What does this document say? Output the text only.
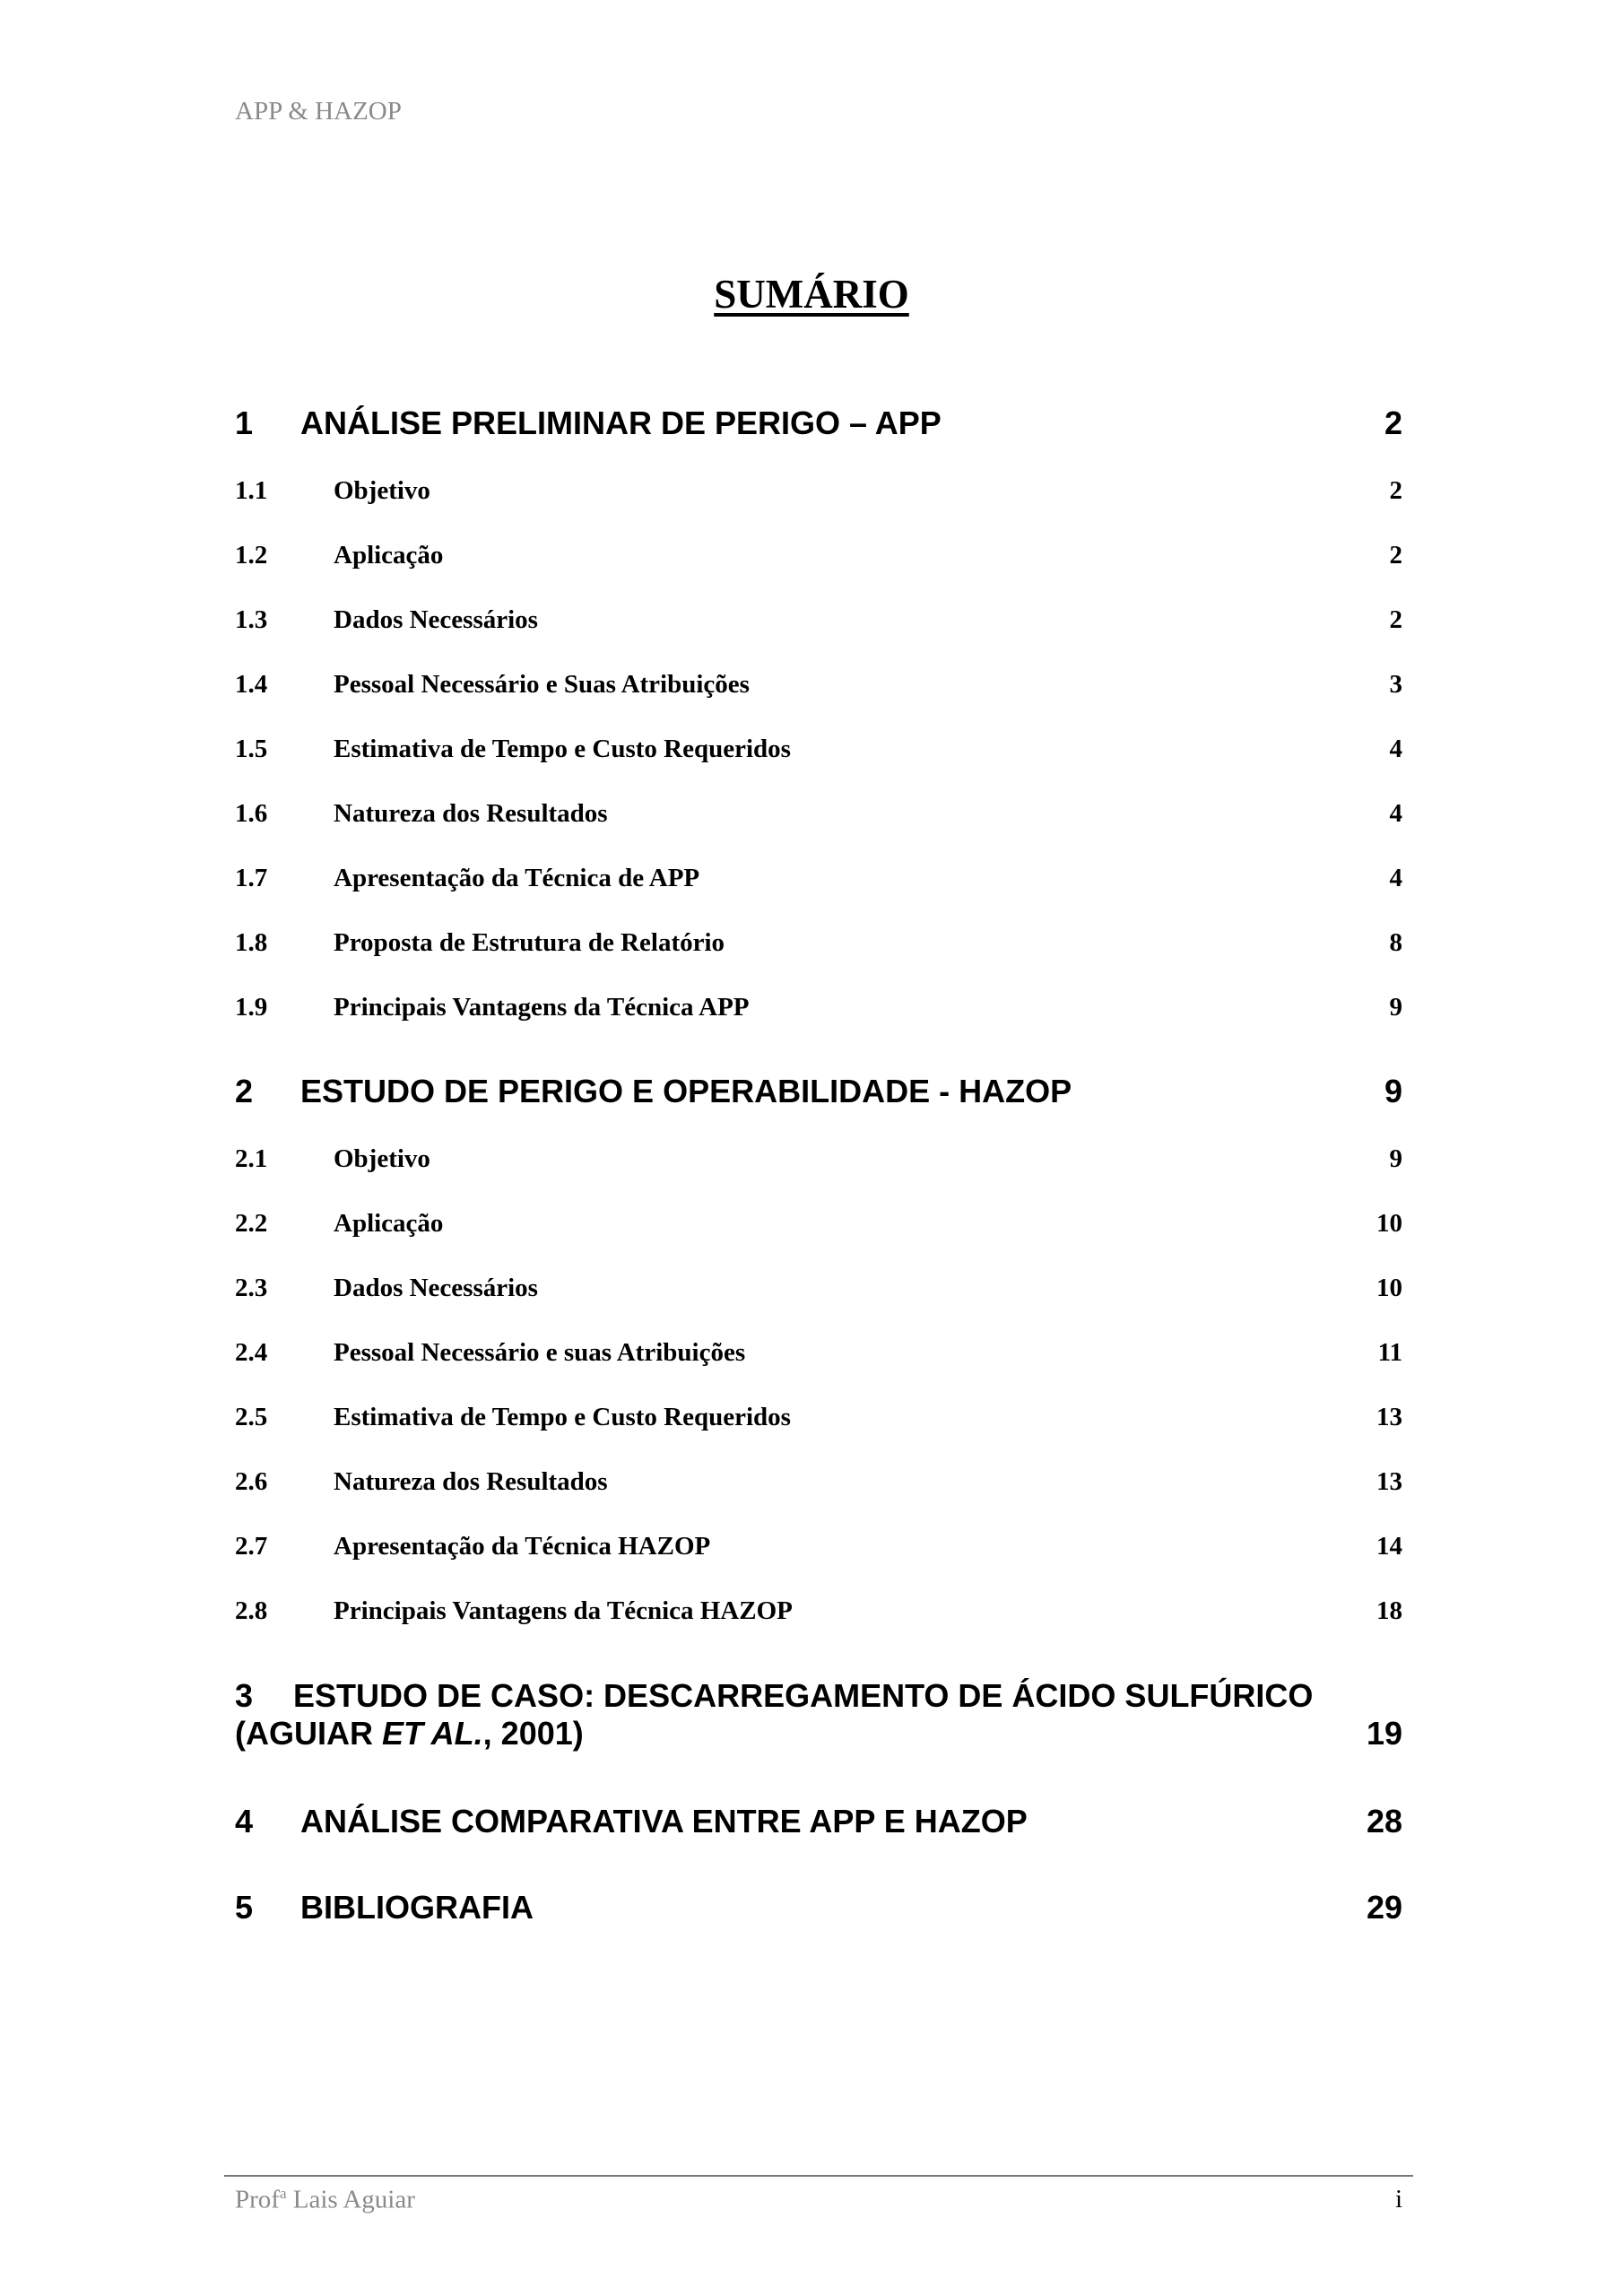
APP & HAZOP
SUMÁRIO
1 ANÁLISE PRELIMINAR DE PERIGO – APP	2
1.1	Objetivo	2
1.2	Aplicação	2
1.3	Dados Necessários	2
1.4	Pessoal Necessário e Suas Atribuições	3
1.5	Estimativa de Tempo e Custo Requeridos	4
1.6	Natureza dos Resultados	4
1.7	Apresentação da Técnica de APP	4
1.8	Proposta de Estrutura de Relatório	8
1.9	Principais Vantagens da Técnica APP	9
2 ESTUDO DE PERIGO E OPERABILIDADE - HAZOP	9
2.1	Objetivo	9
2.2	Aplicação	10
2.3	Dados Necessários	10
2.4	Pessoal Necessário e suas Atribuições	11
2.5	Estimativa de Tempo e Custo Requeridos	13
2.6	Natureza dos Resultados	13
2.7	Apresentação da Técnica HAZOP	14
2.8	Principais Vantagens da Técnica HAZOP	18
3 ESTUDO DE CASO: DESCARREGAMENTO DE ÁCIDO SULFÚRICO
(AGUIAR ET AL., 2001)	19
4 ANÁLISE COMPARATIVA ENTRE APP E HAZOP	28
5 BIBLIOGRAFIA	29
Prof$^a$ Lais Aguiar	i
